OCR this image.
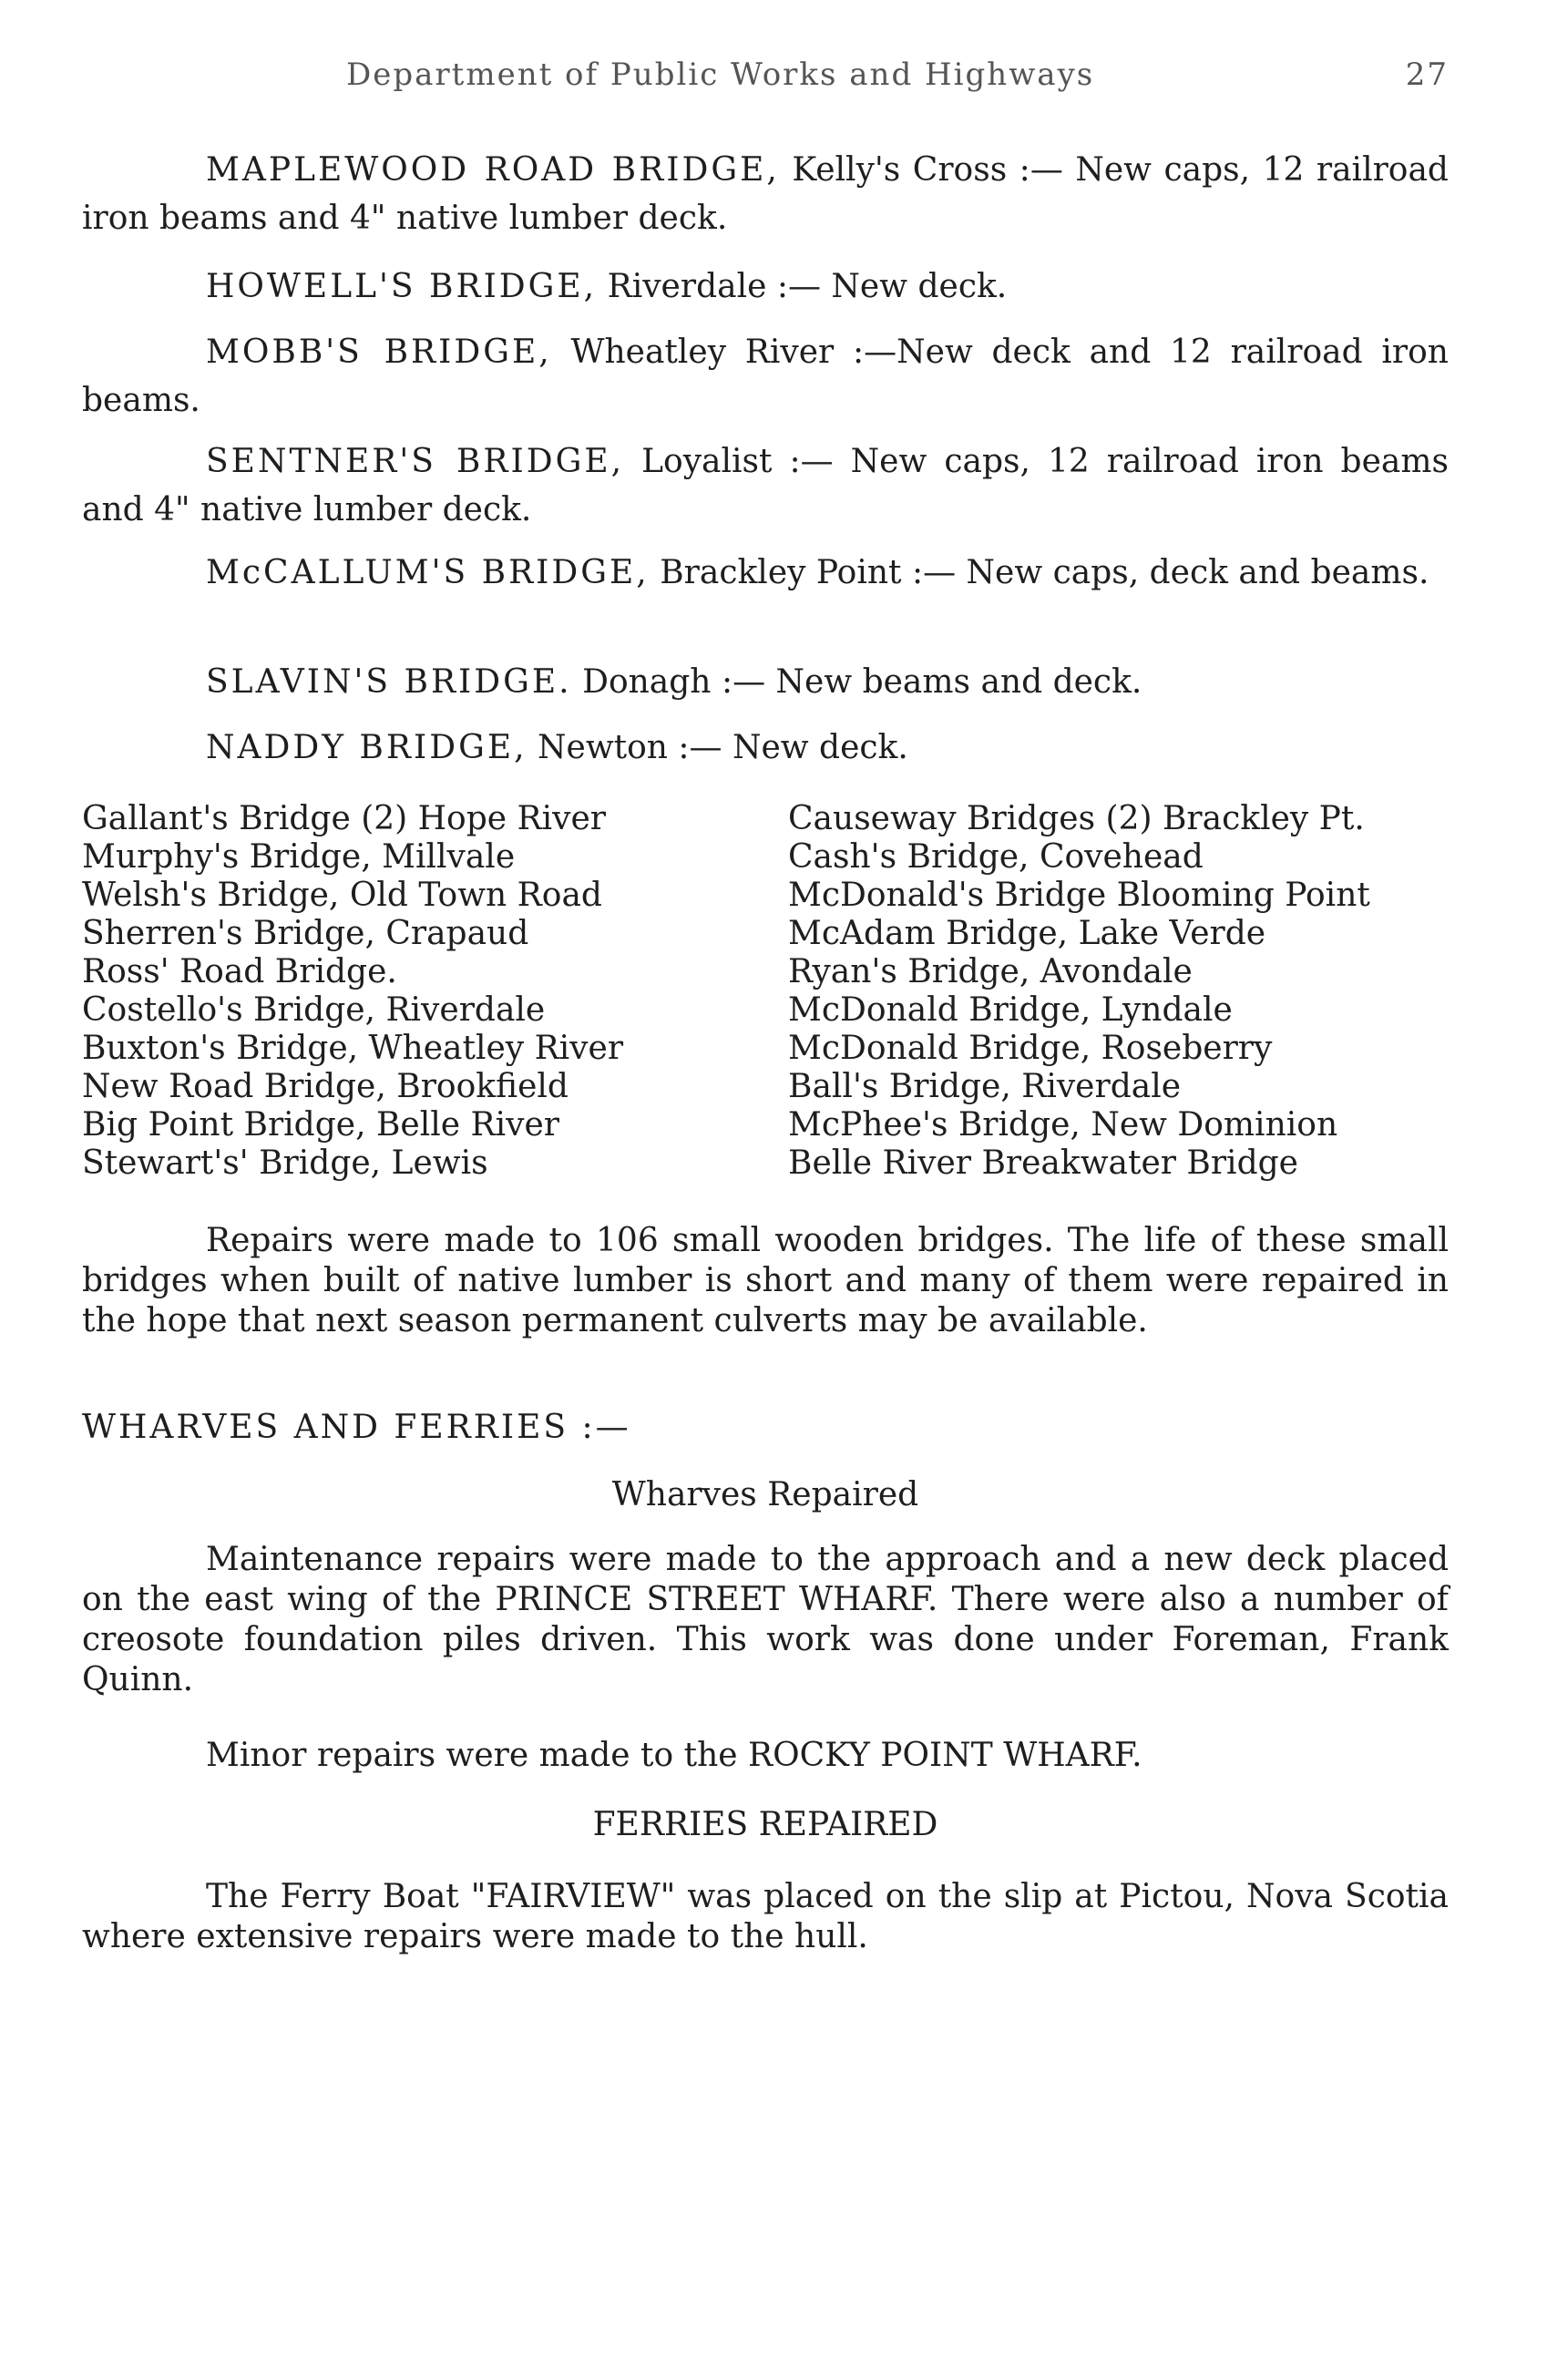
Department of Public Works and Highways	27
MAPLEWOOD ROAD BRIDGE, Kelly's Cross :— New caps, 12 railroad iron beams and 4" native lumber deck.
HOWELL'S BRIDGE, Riverdale :— New deck.
MOBB'S BRIDGE, Wheatley River :—New deck and 12 railroad iron beams.
SENTNER'S BRIDGE, Loyalist :— New caps, 12 railroad iron beams and 4" native lumber deck.
McCALLUM'S BRIDGE, Brackley Point :— New caps, deck and beams.
SLAVIN'S BRIDGE. Donagh :— New beams and deck.
NADDY BRIDGE, Newton :— New deck.
Gallant's Bridge (2) Hope River
Murphy's Bridge, Millvale
Welsh's Bridge, Old Town Road
Sherren's Bridge, Crapaud
Ross' Road Bridge.
Costello's Bridge, Riverdale
Buxton's Bridge, Wheatley River
New Road Bridge, Brookfield
Big Point Bridge, Belle River
Stewart's' Bridge, Lewis
Causeway Bridges (2) Brackley Pt.
Cash's Bridge, Covehead
McDonald's Bridge Blooming Point
McAdam Bridge, Lake Verde
Ryan's Bridge, Avondale
McDonald Bridge, Lyndale
McDonald Bridge, Roseberry
Ball's Bridge, Riverdale
McPhee's Bridge, New Dominion
Belle River Breakwater Bridge
Repairs were made to 106 small wooden bridges. The life of these small bridges when built of native lumber is short and many of them were repaired in the hope that next season permanent culverts may be available.
WHARVES AND FERRIES :—
Wharves Repaired
Maintenance repairs were made to the approach and a new deck placed on the east wing of the PRINCE STREET WHARF. There were also a number of creosote foundation piles driven. This work was done under Foreman, Frank Quinn.
Minor repairs were made to the ROCKY POINT WHARF.
FERRIES REPAIRED
The Ferry Boat "FAIRVIEW" was placed on the slip at Pictou, Nova Scotia where extensive repairs were made to the hull.
